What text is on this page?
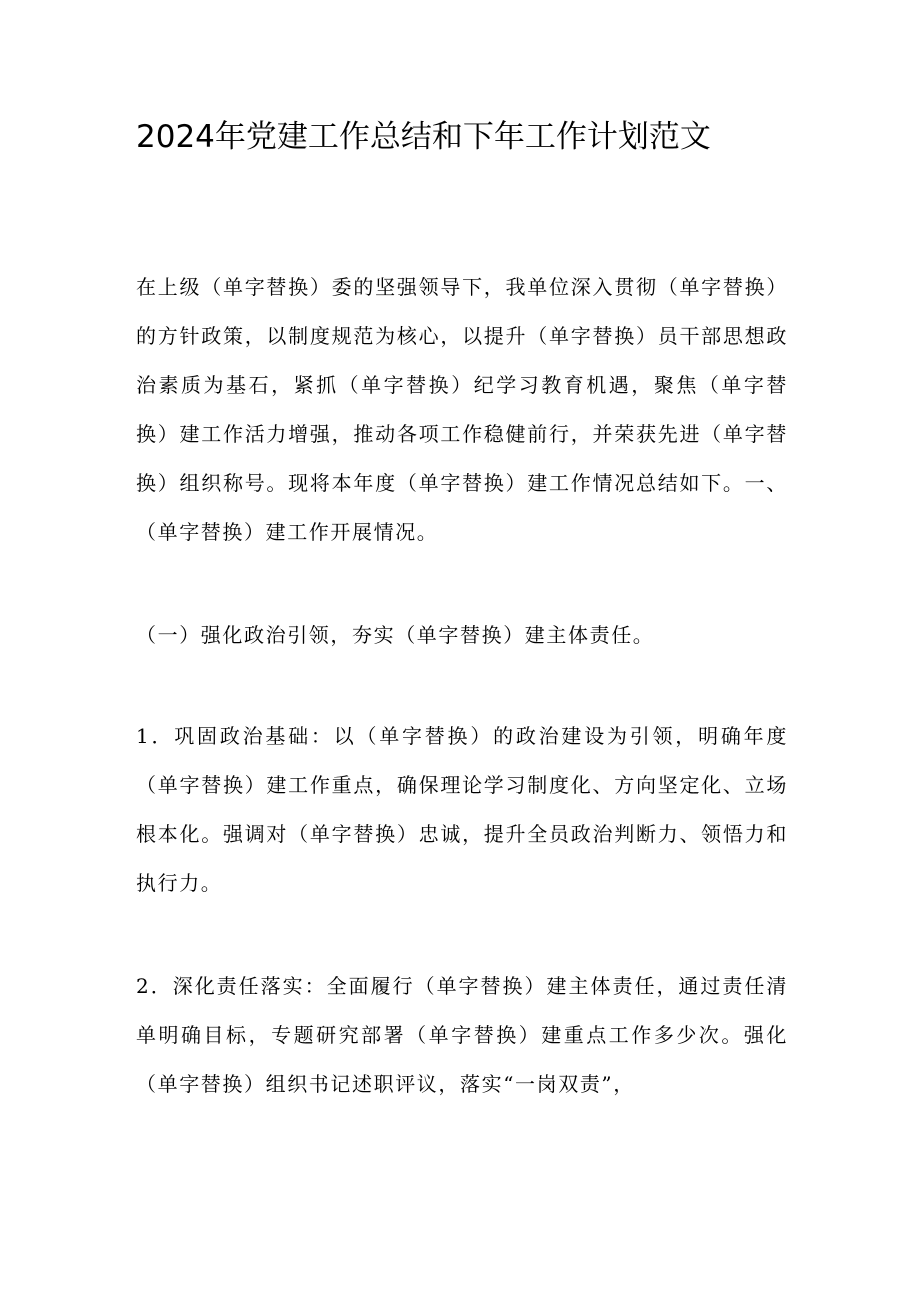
2024年党建工作总结和下年工作计划范文

在上级（单字替换）委的坚强领导下，我单位深入贯彻（单字替换）的方针政策，以制度规范为核心，以提升（单字替换）员干部思想政治素质为基石，紧抓（单字替换）纪学习教育机遇，聚焦（单字替换）建工作活力增强，推动各项工作稳健前行，并荣获先进（单字替换）组织称号。现将本年度（单字替换）建工作情况总结如下。一、（单字替换）建工作开展情况。

（一）强化政治引领，夯实（单字替换）建主体责任。

1．巩固政治基础：以（单字替换）的政治建设为引领，明确年度（单字替换）建工作重点，确保理论学习制度化、方向坚定化、立场根本化。强调对（单字替换）忠诚，提升全员政治判断力、领悟力和执行力。

2．深化责任落实：全面履行（单字替换）建主体责任，通过责任清单明确目标，专题研究部署（单字替换）建重点工作多少次。强化（单字替换）组织书记述职评议，落实“一岗双责”，
